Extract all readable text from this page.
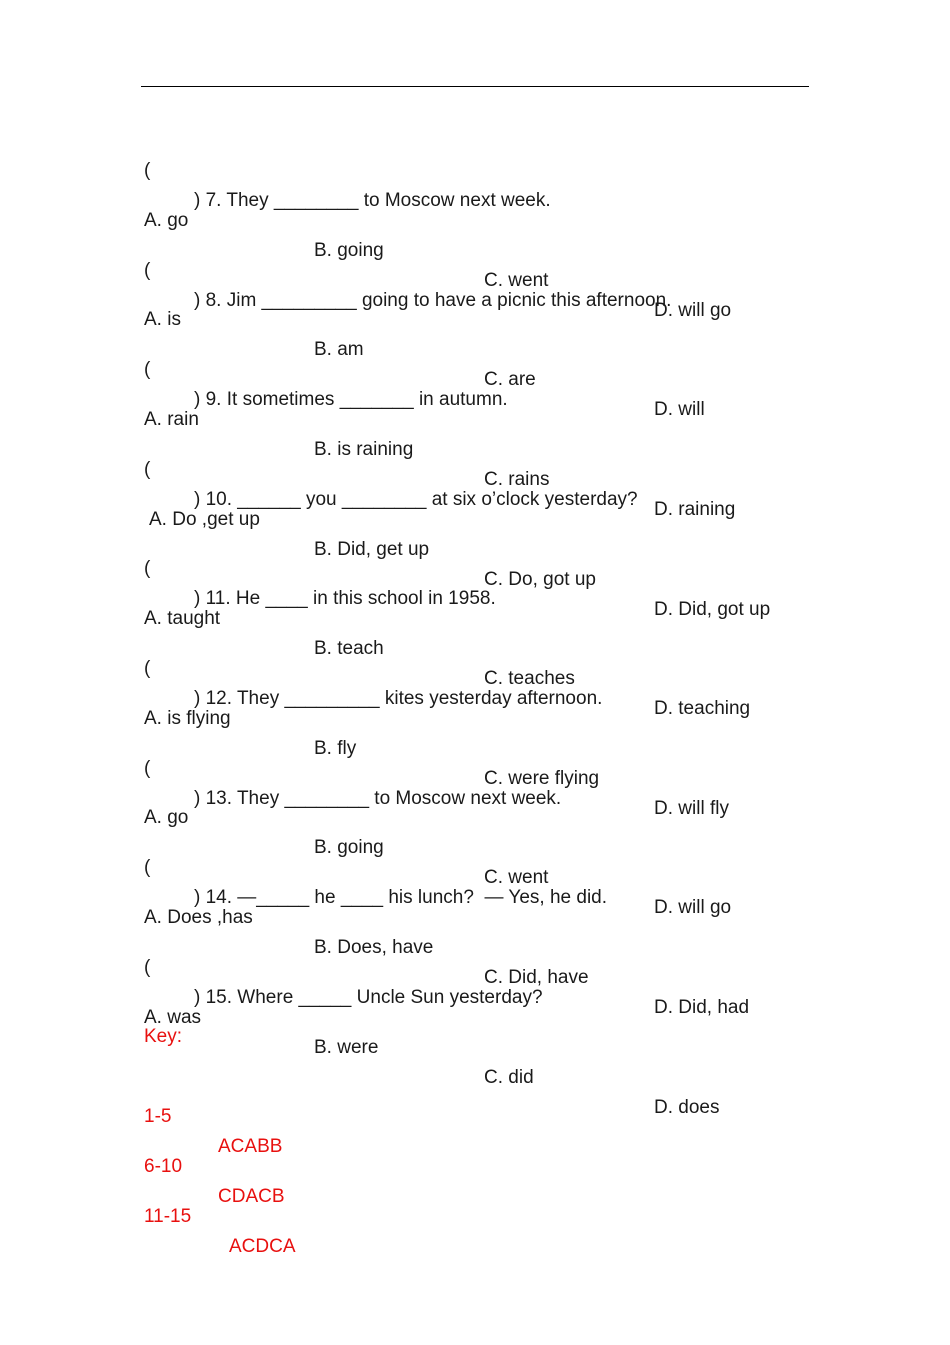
(

) 7. They ________ to Moscow next week.

A. go

B. going

C. went

D. will go

(

) 8. Jim _________ going to have a picnic this afternoon.

A. is

B. am

C. are

D. will

(

) 9. It sometimes _______ in autumn.

A. rain

B. is raining

C. rains

D. raining

(

) 10. ______ you ________ at six o’clock yesterday?

A. Do ,get up

B. Did, get up

C. Do, got up

D. Did, got up

(

) 11. He ____ in this school in 1958.

A. taught

B. teach

C. teaches

D. teaching

(

) 12. They _________ kites yesterday afternoon.

A. is flying

B. fly

C. were flying

D. will fly

(

) 13. They ________ to Moscow next week.

A. go

B. going

C. went

D. will go

(

) 14. —_____ he ____ his lunch?  — Yes, he did.

A. Does ,has

B. Does, have

C. Did, have

D. Did, had

(

) 15. Where _____ Uncle Sun yesterday?

A. was

B. were

C. did

D. does

Key:

1-5

ACABB

6-10

CDACB

11-15

ACDCA
